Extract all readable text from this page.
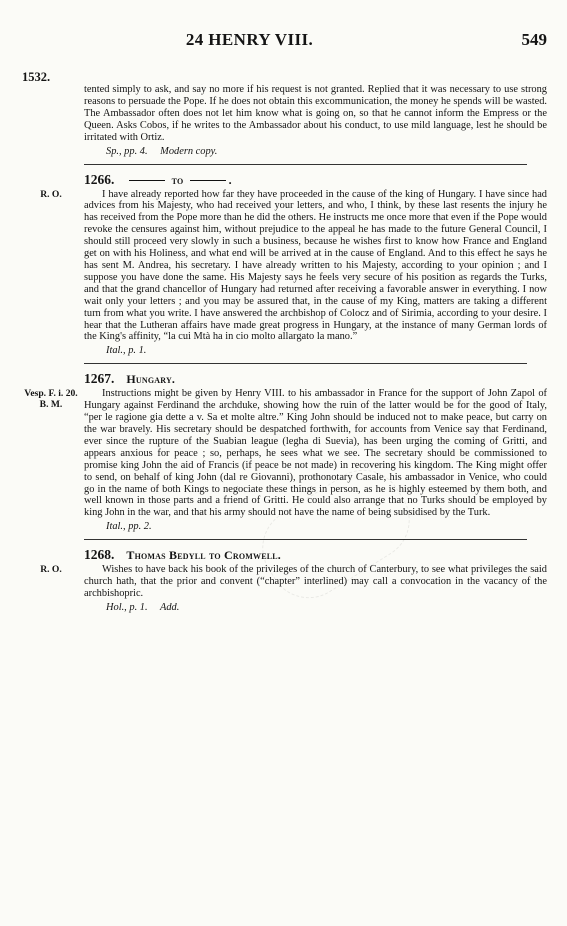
24 HENRY VIII.	549
1532.

tented simply to ask, and say no more if his request is not granted. Replied that it was necessary to use strong reasons to persuade the Pope. If he does not obtain this excommunication, the money he spends will be wasted. The Ambassador often does not let him know what is going on, so that he cannot inform the Empress or the Queen. Asks Cobos, if he writes to the Ambassador about his conduct, to use mild language, lest he should be irritated with Ortiz.

Sp., pp. 4. Modern copy.
1266.	to	.
R. O.	I have already reported how far they have proceeded in the cause of the king of Hungary. I have since had advices from his Majesty, who had received your letters, and who, I think, by these last resents the injury he has received from the Pope more than he did the others. He instructs me once more that even if the Pope would revoke the censures against him, without prejudice to the appeal he has made to the future General Council, I should still proceed very slowly in such a business, because he wishes first to know how France and England get on with his Holiness, and what end will be arrived at in the cause of England. And to this effect he says he has sent M. Andrea, his secretary. I have already written to his Majesty, according to your opinion ; and I suppose you have done the same. His Majesty says he feels very secure of his position as regards the Turks, and that the grand chancellor of Hungary had returned after receiving a favorable answer in everything. I now wait only your letters ; and you may be assured that, in the cause of my King, matters are taking a different turn from what you write. I have answered the archbishop of Colocz and of Sirimia, according to your desire. I hear that the Lutheran affairs have made great progress in Hungary, at the instance of many German lords of the King's affinity, “la cui Mtà ha in cio molto allargato la mano.”

Ital., p. 1.
1267. Hungary.
Vesp. F. i. 20. B. M.

Instructions might be given by Henry VIII. to his ambassador in France for the support of John Zapol of Hungary against Ferdinand the archduke, showing how the ruin of the latter would be for the good of Italy, “per le ragione gia dette a v. Sa et molte altre.” King John should be induced not to make peace, but carry on the war bravely. His secretary should be despatched forthwith, for accounts from Venice say that Ferdinand, ever since the rupture of the Suabian league (legha di Suevia), has been urging the coming of Gritti, and appears anxious for peace ; so, perhaps, he sees what we see. The secretary should be commissioned to promise king John the aid of Francis (if peace be not made) in recovering his kingdom. The King might offer to send, on behalf of king John (dal re Giovanni), prothonotary Casale, his ambassador in Venice, who could go in the name of both Kings to negociate these things in person, as he is highly esteemed by them both, and well known in those parts and a friend of Gritti. He could also arrange that no Turks should be employed by king John in the war, and that his army should not have the name of being subsidised by the Turk.

Ital., pp. 2.
1268. Thomas Bedyll to Cromwell.
R. O.	Wishes to have back his book of the privileges of the church of Canterbury, to see what privileges the said church hath, that the prior and convent (“chapter” interlined) may call a convocation in the vacancy of the archbishopric.

Hol., p. 1. Add.
